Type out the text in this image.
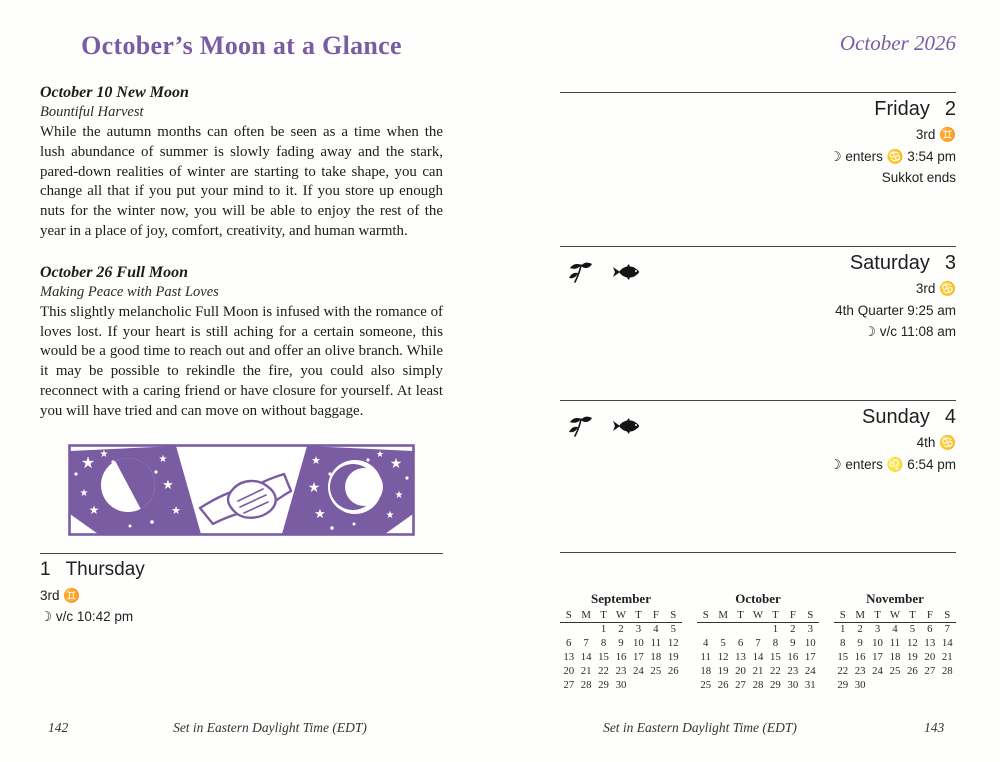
October’s Moon at a Glance
October 10 New Moon
Bountiful Harvest

While the autumn months can often be seen as a time when the lush abundance of summer is slowly fading away and the stark, pared-down realities of winter are starting to take shape, you can change all that if you put your mind to it. If you store up enough nuts for the winter now, you will be able to enjoy the rest of the year in a place of joy, comfort, creativity, and human warmth.

October 26 Full Moon
Making Peace with Past Loves

This slightly melancholic Full Moon is infused with the romance of loves lost. If your heart is still aching for a certain someone, this would be a good time to reach out and offer an olive branch. While it may be possible to rekindle the fire, you could also simply reconnect with a caring friend or have closure for yourself. At least you will have tried and can move on without baggage.

★ ★
★
★
★
★	★
★
★
★
★
★
★	★
1 Thursday
3rd ♊
☽ v/c 10:42 pm
October 2026
Friday 2
3rd ♊
☽ enters ♋ 3:54 pm
Sukkot ends
Saturday 3
3rd ♋
4th Quarter 9:25 am
☽ v/c 11:08 am
Sunday 4
4th ♋
☽ enters ♌ 6:54 pm
September
S	M	T	W	T	F	S
		1	2	3	4	5
6	7	8	9	10	11	12
13	14	15	16	17	18	19
20	21	22	23	24	25	26
27	28	29	30			
October
S	M	T	W	T	F	S
				1	2	3
4	5	6	7	8	9	10
11	12	13	14	15	16	17
18	19	20	21	22	23	24
25	26	27	28	29	30	31
November
S	M	T	W	T	F	S
1	2	3	4	5	6	7
8	9	10	11	12	13	14
15	16	17	18	19	20	21
22	23	24	25	26	27	28
29	30					
142	Set in Eastern Daylight Time (EDT)	Set in Eastern Daylight Time (EDT)	143
